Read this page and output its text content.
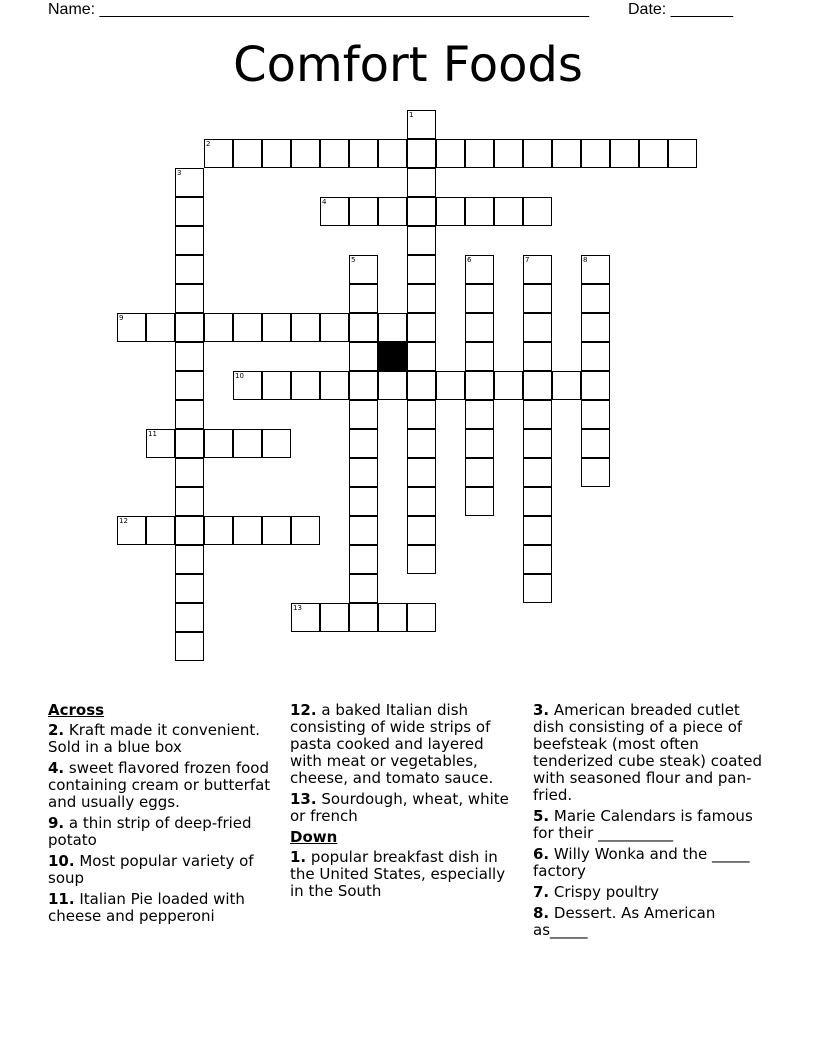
Name: _______________________________________________________ Date: _______
Comfort Foods
1
2
3
4
5	6	7	8
9
10
11
12
13
Across
2. Kraft made it convenient. Sold in a blue box
4. sweet flavored frozen food containing cream or butterfat and usually eggs.
9. a thin strip of deep-fried potato
10. Most popular variety of soup
11. Italian Pie loaded with cheese and pepperoni
12. a baked Italian dish consisting of wide strips of pasta cooked and layered with meat or vegetables, cheese, and tomato sauce.
13. Sourdough, wheat, white or french
Down
1. popular breakfast dish in the United States, especially in the South
3. American breaded cutlet dish consisting of a piece of beefsteak (most often tenderized cube steak) coated with seasoned flour and pan-fried.
5. Marie Calendars is famous for their __________
6. Willy Wonka and the _____ factory
7. Crispy poultry
8. Dessert. As American as_____
